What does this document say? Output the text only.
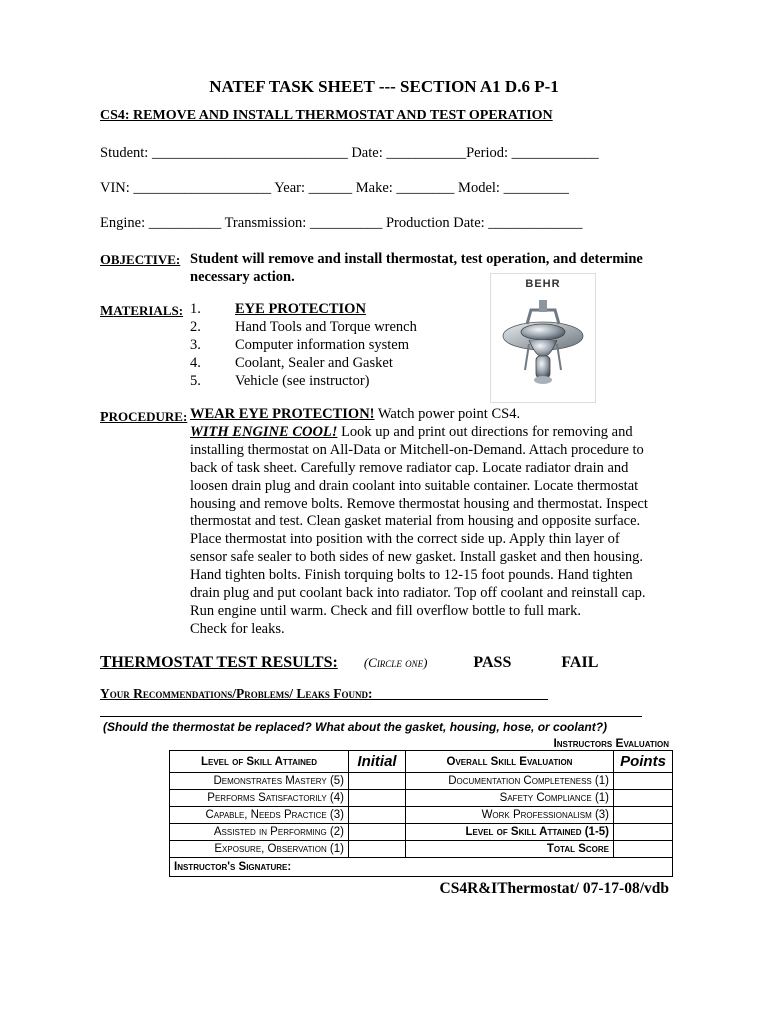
NATEF TASK SHEET --- SECTION A1 D.6 P-1
CS4: REMOVE AND INSTALL THERMOSTAT AND TEST OPERATION
Student: ___________________________ Date: ___________Period: ____________
VIN: ___________________ Year: ______ Make: ________ Model: _________
Engine: __________ Transmission: __________ Production Date: _____________
OBJECTIVE: Student will remove and install thermostat, test operation, and determine necessary action.
MATERIALS: 1.	EYE PROTECTION
2.	Hand Tools and Torque wrench
3.	Computer information system
4.	Coolant, Sealer and Gasket
5.	Vehicle (see instructor)
BEHR
PROCEDURE: WEAR EYE PROTECTION! Watch power point CS4.
WITH ENGINE COOL! Look up and print out directions for removing and
installing thermostat on All-Data or Mitchell-on-Demand. Attach procedure to
back of task sheet. Carefully remove radiator cap. Locate radiator drain and
loosen drain plug and drain coolant into suitable container. Locate thermostat
housing and remove bolts. Remove thermostat housing and thermostat. Inspect
thermostat and test. Clean gasket material from housing and opposite surface.
Place thermostat into position with the correct side up. Apply thin layer of
sensor safe sealer to both sides of new gasket. Install gasket and then housing.
Hand tighten bolts. Finish torquing bolts to 12-15 foot pounds. Hand tighten
drain plug and put coolant back into radiator. Top off coolant and reinstall cap.
Run engine until warm. Check and fill overflow bottle to full mark.
Check for leaks.
THERMOSTAT TEST RESULTS: (Circle one)	PASS	FAIL
Your Recommendations/Problems/ Leaks Found:__________________________
(Should the thermostat be replaced? What about the gasket, housing, hose, or coolant?)
Instructors Evaluation
Level of Skill Attained	Initial	Overall Skill Evaluation	Points
Demonstrates Mastery (5)		Documentation Completeness (1)	
Performs Satisfactorily (4)		Safety Compliance (1)	
Capable, Needs Practice (3)		Work Professionalism (3)	
Assisted in Performing (2)		Level of Skill Attained (1-5)	
Exposure, Observation (1)		Total Score	
Instructor's Signature:			
CS4R&IThermostat/ 07-17-08/vdb
